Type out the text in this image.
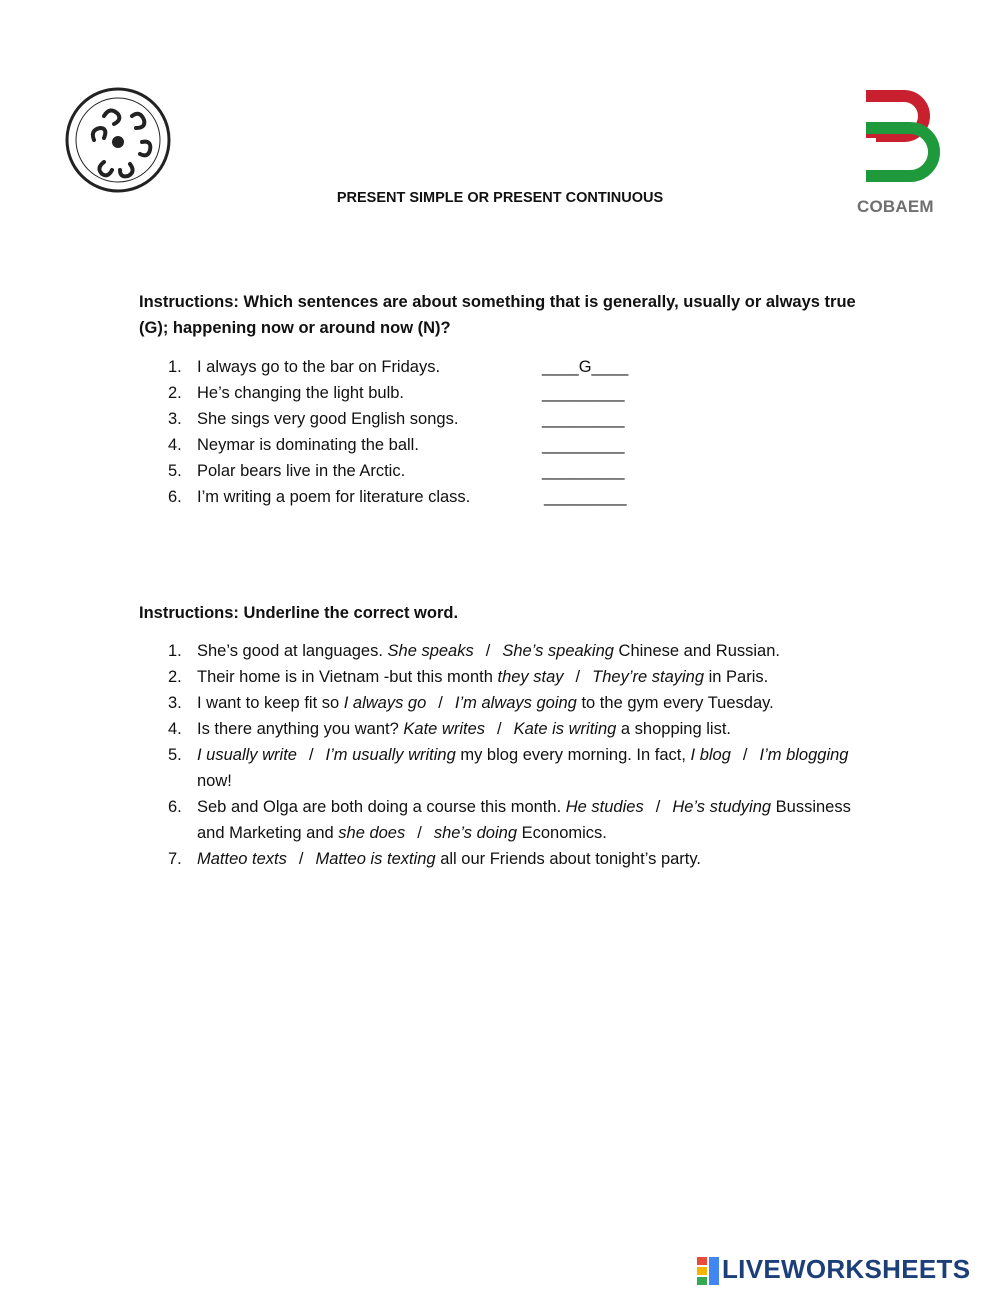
COBAEM
PRESENT SIMPLE OR PRESENT CONTINUOUS
Instructions: Which sentences are about something that is generally, usually or always true (G); happening now or around now (N)?
1. I always go to the bar on Fridays.	____G____
2. He’s changing the light bulb.	_________
3. She sings very good English songs.	_________
4. Neymar is dominating the ball.	_________
5. Polar bears live in the Arctic.	_________
6. I’m writing a poem for literature class.	_________
Instructions: Underline the correct word.
1. She’s good at languages. She speaks / She’s speaking Chinese and Russian.
2. Their home is in Vietnam -but this month they stay / They’re staying in Paris.
3. I want to keep fit so I always go / I’m always going to the gym every Tuesday.
4. Is there anything you want? Kate writes / Kate is writing a shopping list.
5. I usually write / I’m usually writing my blog every morning. In fact, I blog / I’m blogging now!
6. Seb and Olga are both doing a course this month. He studies / He’s studying Bussiness and Marketing and she does / she’s doing Economics.
7. Matteo texts / Matteo is texting all our Friends about tonight’s party.
LIVEWORKSHEETS
